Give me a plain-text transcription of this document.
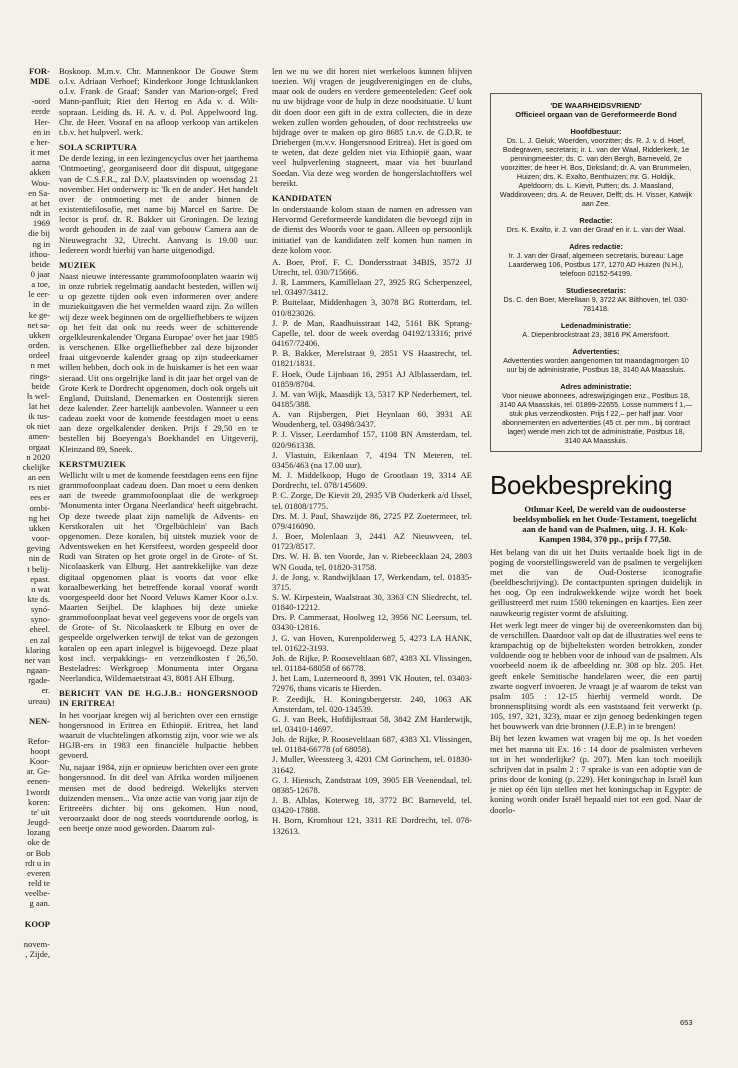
FOR-
MDE
-oord
eerde
Her-
en in
e her-
it met
aarna
akken
Wou-
en Sa-
at het
ndt in
1969
die bij
ng in
ithou-
beide
0 jaar
a toe,
le eer-
in de
ke ge-
net sa-
ukken
orden.
ordeel
n met
rings-
beide
ls wel-
lat het
ik tus-
ok niet
amen-
orgaat
n 2020
ckelijke
an een
rs niet
ees er
ombi-
ng het
ukken
voor-
geving
nin de
t belij-
epast.
n wat
kte ds.
synó-
syno-
eheel.
en zal
klaring
ner van
ngaan-
rgade-
er.
ureau)
NEN-
Refor-
hoopt
Koor-
ar. Ge-
eenen-
1wordt
koren:
te' uit
Jeugd-
lozang
oke de
or Bob
rdt u in
everen
reld te
veelbe-
g aan.
KOOP
novem-
, Zijde,

Boskoop. M.m.v. Chr. Mannenkoor De Gouwe Stem o.l.v. Adriaan Verhoef; Kinderkoor Jonge Ichtusklanken o.l.v. Frank de Graaf; Sander van Marion-orgel; Fred Mann-panfluit; Riet den Hertog en Ada v. d. Wilt-sopraan. Leiding ds. H. A. v. d. Pol. Appelwoord Ing. Chr. de Heer. Vooraf en na afloop verkoop van artikelen t.b.v. het hulpverl. werk.

SOLA SCRIPTURA

De derde lezing, in een lezingencyclus over het jaarthema 'Ontmoeting', georganiseerd door dit dispuut, uitgegane van de C.S.F.R., zal D.V. plaatsvinden op woensdag 21 november. Het onderwerp is: 'Ik en de ander'. Het handelt over de ontmoeting met de ander binnen de existentiefilosofie, met name bij Marcel en Sartre. De lector is prof. dr. R. Bakker uit Groningen. De lezing wordt gehouden in de zaal van gebouw Camera aan de Nieuwegracht 32, Utrecht. Aanvang is 19.00 uur. Iedereen wordt hierbij van harte uitgenodigd.

MUZIEK

Naast nieuwe interessante grammofoonplaten waarin wij in onze rubriek regelmatig aandacht besteden, willen wij u op gezette tijden ook even informeren over andere muziekuitgaven die het vermelden waard zijn. Zo willen wij deze week beginnen om de orgelliefhebbers te wijzen op het feit dat ook nu reeds weer de schitterende orgelkleurenkalender 'Organa Europae' over het jaar 1985 is verschenen. Elke orgelliefhebber zal deze bijzonder fraai uitgevoerde kalender graag op zijn studeerkamer willen hebben, doch ook in de huiskamer is het een waar sieraad. Uit ons orgelrijke land is dit jaar het orgel van de Grote Kerk te Dordrecht opgenomen, doch ook orgels uit England, Duitsland, Denemarken en Oostenrijk sieren deze kalender. Zeer hartelijk aanbevolen. Wanneer u een cadeau zoekt voor de komende feestdagen moet u eens aan deze orgelkalender denken. Prijs f 29,50 en te bestellen bij Boeyenga's Boekhandel en Uitgeverij, Kleinzand 89, Sneek.

KERSTMUZIEK

Wellicht wilt u met de komende feestdagen eens een fijne grammofoonplaat cadeau doen. Dan moet u eens denken aan de tweede grammofoonplaat die de werkgroep 'Monumenta inter Organa Neerlandica' heeft uitgebracht. Op deze tweede plaat zijn namelijk de Advents- en Kerstkoralen uit het 'Orgelbüchlein' van Bach opgenomen. Deze koralen, bij uitstek muziek voor de Adventsweken en het Kerstfeest, worden gespeeld door Rudi van Straten op het grote orgel in de Grote- of St. Nicolaaskerk van Elburg. Het aantrekkelijke van deze digitaal opgenomen plaat is voorts dat voor elke koraalbewerking het betreffende koraal vooraf wordt voorgespeeld door het Noord Veluws Kamer Koor o.l.v. Maarten Seijbel. De klaphoes bij deze unieke grammofoonplaat bevat veel gegevens voor de orgels van de Grote- of St. Nicolaaskerk te Elburg en over de gespeelde orgelwerken terwijl de tekst van de gezongen koralen op een apart inlegvel is bijgevoegd. Deze plaat kost incl. verpakkings- en verzendkosten f 26,50. Besteladres: Werkgroep Monumenta inter Organa Neerlandica, Wildemaetstraat 43, 8081 AH Elburg.

BERICHT VAN DE H.G.J.B.: HONGERSNOOD IN ERITREA!

In het voorjaar kregen wij al berichten over een ernstige hongersnood in Eritrea en Ethiopië. Eritrea, het land waaruit de vluchtelingen afkomstig zijn, voor wie we als HGJB-ers in 1983 een financiële hulpactie hebben gevoerd.

Nu, najaar 1984, zijn er opnieuw berichten over een grote hongersnood. In dit deel van Afrika worden miljoenen mensen met de dood bedreigd. Wekelijks sterven duizenden mensen... Via onze actie van vorig jaar zijn de Eritreeërs dichter bij ons gekomen. Hun nood, veroorzaakt door de nog steeds voortdurende oorlog, is een beetje onze nood geworden. Daarom zul-

len we nu we dit horen niet werkeloos kunnen blijven toezien. Wij vragen de jeugdverenigingen en de clubs, maar ook de ouders en verdere gemeenteleden: Geef ook nu uw bijdrage voor de hulp in deze noodsituatie. U kunt dit doen door een gift in de extra collecten, die in deze weken zullen worden gehouden, of door rechtstreeks uw bijdrage over te maken op giro 8685 t.n.v. de G.D.R. te Driebergen (m.v.v. Hongersnood Eritrea). Het is goed om te weten, dat deze gelden niet via Ethiopië gaan, waar veel hulpverlening stagneert, maar via het buurland Soedan. Via deze weg worden de hongerslachtoffers wel bereikt.

KANDIDATEN

In onderstaande kolom staan de namen en adressen van Hervormd Gereformeerde kandidaten die bevoegd zijn in de dienst des Woords voor te gaan. Alleen op persoonlijk initiatief van de kandidaten zelf komen hun namen in deze kolom voor.

A. Boer, Prof. F. C. Dondersstraat 34BIS, 3572 JJ Utrecht, tel. 030/715666.

J. R. Lammers, Kamillelaan 27, 3925 RG Scherpenzeel, tel. 03497/3412.

P. Buitelaar, Middenhagen 3, 3078 BG Rotterdam, tel. 010/823026.

J. P. de Man, Raadhuisstraat 142, 5161 BK Sprang-Capelle, tel. door de week overdag 04192/13316; privé 04167/72406.

P. B. Bakker, Merelstraat 9, 2851 VS Haastrecht, tel. 01821/1831.

F. Hoek, Oude Lijnbaan 16, 2951 AJ Alblasserdam, tel. 01859/8704.

J. M. van Wijk, Maasdijk 13, 5317 KP Nederhemert, tel. 04185/388.

A. van Rijsbergen, Piet Heynlaan 60, 3931 AE Woudenberg, tel. 03498/3437.

P. J. Visser, Leerdamhof 157, 1108 BN Amsterdam, tel. 020/961338.

J. Vlastuin, Eikenlaan 7, 4194 TN Meteren, tel. 03456/463 (na 17.00 uur).

M. J. Middelkoop, Hugo de Grootlaan 19, 3314 AE Dordrecht, tel. 078/145609.

P. C. Zorge, De Kievit 20, 2935 VB Ouderkerk a/d IJssel, tel. 01808/1775.

Drs. M. J. Paul, Shawzijde 86, 2725 PZ Zoetermeer, tel. 079/416090.

J. Boer, Molenlaan 3, 2441 AZ Nieuwveen, tel. 01723/8517.

Drs. W. H. B. ten Voorde, Jan v. Riebeecklaan 24, 2803 WN Gouda, tel. 01820-31758.

J. de Jong, v. Randwijklaan 17, Werkendam, tel. 01835-3715.

S. W. Kirpestein, Waalstraat 30, 3363 CN Sliedrecht, tel. 01840-12212.

Drs. P. Cammeraat, Hoolweg 12, 3956 NC Leersum, tel. 03430-12816.

J. G. van Hoven, Kurenpolderweg 5, 4273 LA HANK, tel. 01622-3193.

Joh. de Rijke, P. Rooseveltlaan 687, 4383 XL Vlissingen, tel. 01184-68058 of 66778.

J. het Lam, Luzerneoord 8, 3991 VK Houten, tel. 03403-72976, thans vicaris te Hierden.

P. Zeedijk, H. Koningsbergerstr. 240, 1063 AK Amsterdam, tel. 020-134539.

G. J. van Beek, Hofdijkstraat 58, 3842 ZM Harderwijk, tel. 03410-14697.

Joh. de Rijke, P. Rooseveltlaan 687, 4383 XL Vlissingen, tel. 01184-66778 (of 68058).

J. Muller, Weessteeg 3, 4201 CM Gorinchem, tel. 01830-31642.

G. J. Hiensch, Zandstraat 109, 3905 EB Veenendaal, tel. 08385-12678.

J. B. Alblas, Koterweg 18, 3772 BC Barneveld, tel. 03420-17888.

H. Born, Kromhout 121, 3311 RE Dordrecht, tel. 078-132613.

'DE WAARHEIDSVRIEND'
Officieel orgaan van de Gereformeerde Bond
Hoofdbestuur:

Ds. L. J. Geluk, Woerden, voorzitter; ds. R. J. v. d. Hoef, Bodegraven, secretaris; ir. L. van der Waal, Ridderkerk, 1e penningmeester; ds. C. van den Bergh, Barneveld, 2e voorzitter; de heer H. Bos, Dirksland; dr. A. van Brummelen, Huizen; drs. K. Exalto, Benthuizen; mr. G. Holdijk, Apeldoorn; ds. L. Kievit, Putten; ds. J. Maasland, Waddinxveen; drs. A. de Reuver, Delft; ds. H. Visser, Katwijk aan Zee.

Redactie:

Drs. K. Exalto, ir. J. van der Graaf en ir. L. van der Waal.

Adres redactie:

Ir. J. van der Graaf, algemeen secretaris, bureau: Lage Laarderweg 106, Postbus 177, 1270 AD Huizen (N.H.), telefoon 02152-54199.

Studiesecretaris:

Ds. C. den Boer, Merellaan 9, 3722 AK Bilthoven, tel. 030-781418.

Ledenadministratie:

A. Diepenbrockstraat 23, 3816 PK Amersfoort.

Advertenties:

Advertenties worden aangenomen tot maandagmorgen 10 uur bij de administratie, Postbus 18, 3140 AA Maassluis.

Adres administratie:

Voor nieuwe abonnees, adreswijzigingen enz., Postbus 18, 3140 AA Maassluis, tel. 01899-22655. Losse nummers f 1,— stuk plus verzendkosten. Prijs f 22,– per half jaar. Voor abonnementen en advertenties (45 ct. per mm., bij contract lager) wende men zich tot de administratie, Postbus 18, 3140 AA Maassluis.

Boekbespreking

Othmar Keel, De wereld van de oudoosterse beeldsymboliek en het Oude-Testament, toegelicht aan de hand van de Psalmen, uitg. J. H. Kok-Kampen 1984, 370 pp., prijs f 77,50.

Het belang van dit uit het Duits vertaalde boek ligt in de poging de voorstellingswereld van de psalmen te vergelijken met die van de Oud-Oosterse iconografie (beeldbeschrijving). De contactpunten springen duidelijk in het oog. Op een indrukwekkende wijze wordt het boek geïllustreerd met ruim 1500 tekeningen en kaartjes. Een zeer nauwkeurig register vormt de afsluiting.

Het werk legt meer de vinger bij de overeenkomsten dan bij de verschillen. Daardoor valt op dat de illustraties wel eens te krampachtig op de bijbelteksten worden betrokken, zonder voldoende oog te hebben voor de inhoud van de psalmen. Als voorbeeld noem ik de afbeelding nr. 308 op blz. 205. Het geeft enkele Semitische handelaren weer, die een partij zwarte oogverf invoeren. Je vraagt je af waarom de tekst van psalm 105 : 12-15 hierbij vermeld wordt. De bronnensplitsing wordt als een vaststaand feit verwerkt (p. 105, 197, 321, 323), maar er zijn genoeg bedenkingen tegen het bouwwerk van drie bronnen (J.E.P.) in te brengen!

Bij het lezen kwamen wat vragen bij me op. Is het voeden met het manna uit Ex. 16 : 14 door de psalmisten verheven tot in het wonderlijke? (p. 207). Men kan toch moeilijk schrijven dat in psalm 2 : 7 sprake is van een adoptie van de prins door de koning (p. 229). Het koningschap in Israël kun je niet op één lijn stellen met het koningschap in Egypte: de koning wordt onder Israël bepaald niet tot een god. Naar de doorlo-

653
